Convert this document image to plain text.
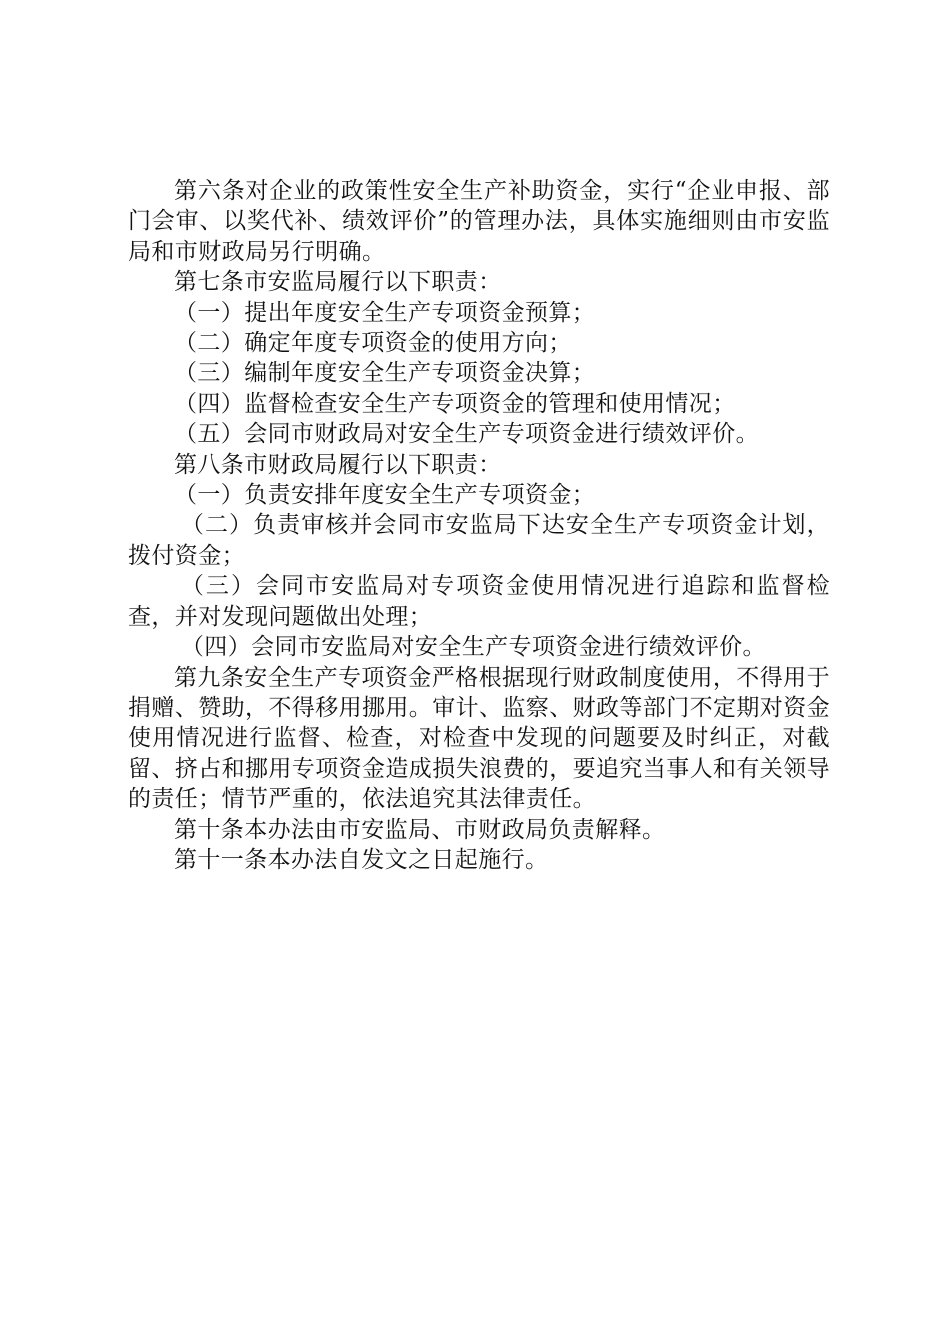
第六条对企业的政策性安全生产补助资金，实行“企业申报、部门会审、以奖代补、绩效评价”的管理办法，具体实施细则由市安监局和市财政局另行明确。

第七条市安监局履行以下职责：

（一）提出年度安全生产专项资金预算；

（二）确定年度专项资金的使用方向；

（三）编制年度安全生产专项资金决算；

（四）监督检查安全生产专项资金的管理和使用情况；

（五）会同市财政局对安全生产专项资金进行绩效评价。

第八条市财政局履行以下职责：

（一）负责安排年度安全生产专项资金；

（二）负责审核并会同市安监局下达安全生产专项资金计划，拨付资金；

（三）会同市安监局对专项资金使用情况进行追踪和监督检查，并对发现问题做出处理；

（四）会同市安监局对安全生产专项资金进行绩效评价。

第九条安全生产专项资金严格根据现行财政制度使用，不得用于捐赠、赞助，不得移用挪用。审计、监察、财政等部门不定期对资金使用情况进行监督、检查，对检查中发现的问题要及时纠正，对截留、挤占和挪用专项资金造成损失浪费的，要追究当事人和有关领导的责任；情节严重的，依法追究其法律责任。

第十条本办法由市安监局、市财政局负责解释。

第十一条本办法自发文之日起施行。
